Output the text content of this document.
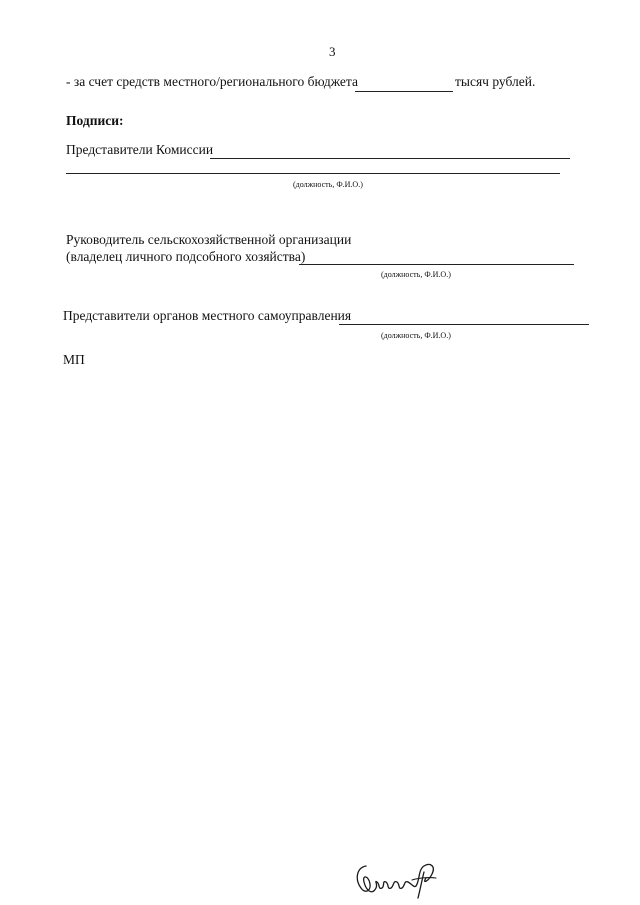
3
- за счет средств местного/регионального бюджета	тысяч рублей.
Подписи:
Представители Комиссии
(должность, Ф.И.О.)
Руководитель сельскохозяйственной организации
(владелец личного подсобного хозяйства)
(должность, Ф.И.О.)
Представители органов местного самоуправления
(должность, Ф.И.О.)
МП
